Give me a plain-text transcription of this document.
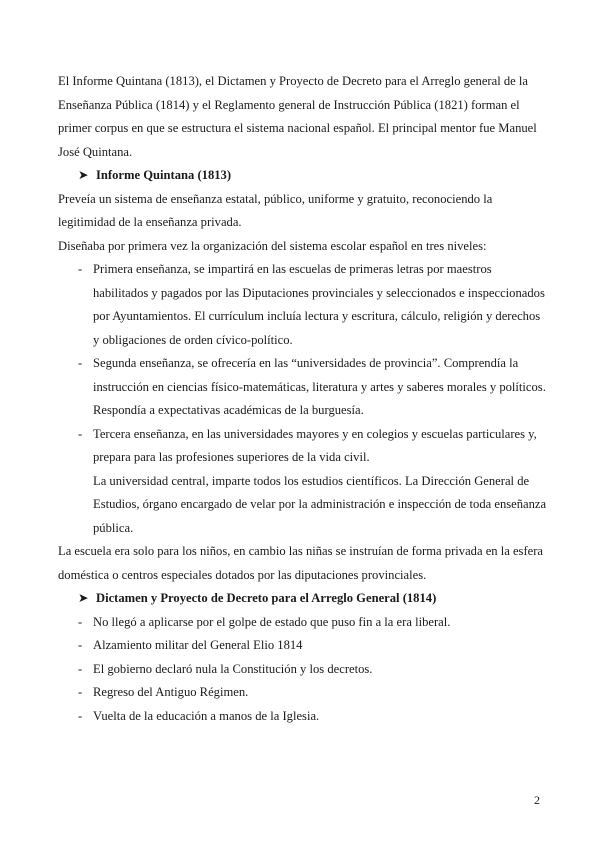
El Informe Quintana (1813), el Dictamen y Proyecto de Decreto para el Arreglo general de la Enseñanza Pública (1814) y el Reglamento general de Instrucción Pública (1821) forman el primer corpus en que se estructura el sistema nacional español. El principal mentor fue Manuel José Quintana.

➤ Informe Quintana (1813)

Preveía un sistema de enseñanza estatal, público, uniforme y gratuito, reconociendo la legitimidad de la enseñanza privada.

Diseñaba por primera vez la organización del sistema escolar español en tres niveles:

- Primera enseñanza, se impartirá en las escuelas de primeras letras por maestros habilitados y pagados por las Diputaciones provinciales y seleccionados e inspeccionados por Ayuntamientos. El currículum incluía lectura y escritura, cálculo, religión y derechos y obligaciones de orden cívico-político.
- Segunda enseñanza, se ofrecería en las “universidades de provincia”. Comprendía la instrucción en ciencias físico-matemáticas, literatura y artes y saberes morales y políticos. Respondía a expectativas académicas de la burguesía.
- Tercera enseñanza, en las universidades mayores y en colegios y escuelas particulares y, prepara para las profesiones superiores de la vida civil.
La universidad central, imparte todos los estudios científicos. La Dirección General de Estudios, órgano encargado de velar por la administración e inspección de toda enseñanza pública.

La escuela era solo para los niños, en cambio las niñas se instruían de forma privada en la esfera doméstica o centros especiales dotados por las diputaciones provinciales.

➤ Dictamen y Proyecto de Decreto para el Arreglo General (1814)
- No llegó a aplicarse por el golpe de estado que puso fin a la era liberal.
- Alzamiento militar del General Elio 1814
- El gobierno declaró nula la Constitución y los decretos.
- Regreso del Antiguo Régimen.
- Vuelta de la educación a manos de la Iglesia.
2
